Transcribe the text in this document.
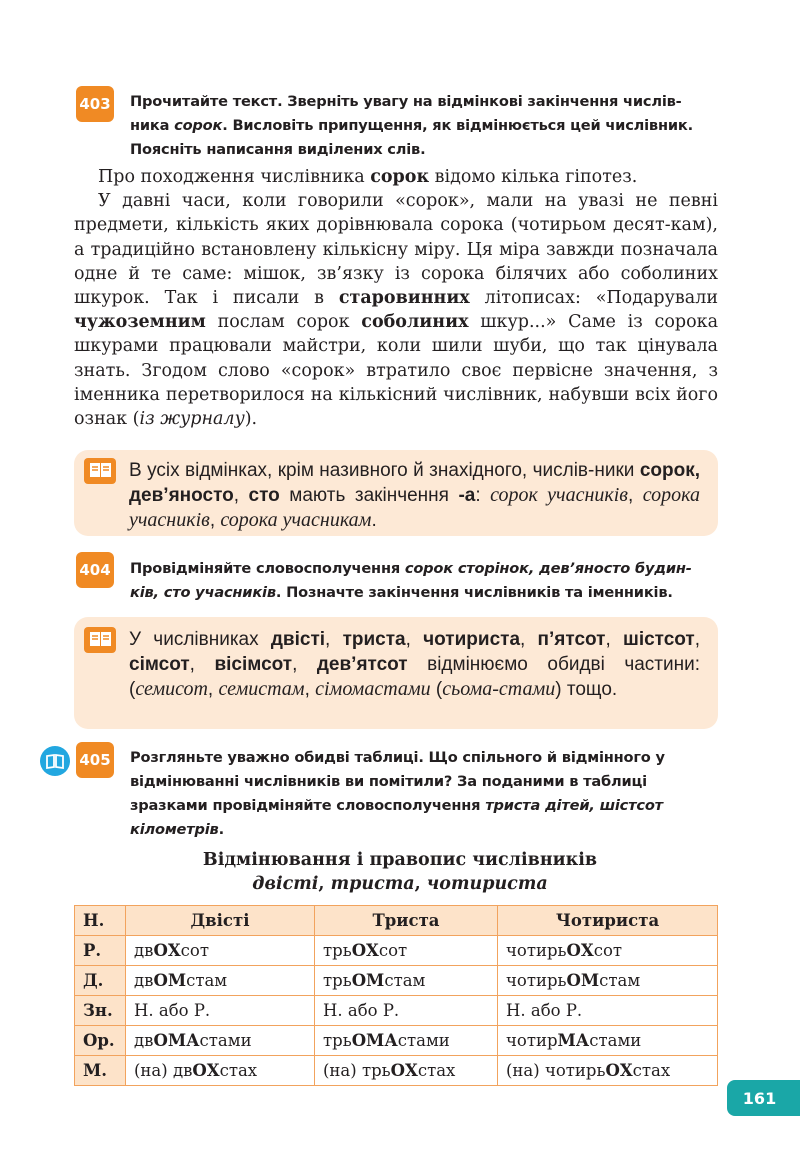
403 Прочитайте текст. Зверніть увагу на відмінкові закінчення числів-ника сорок. Висловіть припущення, як відмінюється цей числівник. Поясніть написання виділених слів.

Про походження числівника сорок відомо кілька гіпотез.

У давні часи, коли говорили «сорок», мали на увазі не певні предмети, кількість яких дорівнювала сорока (чотирьом десят-кам), а традиційно встановлену кількісну міру. Ця міра завжди позначала одне й те саме: мішок, зв’язку із сорока білячих або соболиних шкурок. Так і писали в старовинних літописах: «Подарували чужоземним послам сорок соболиних шкур...» Саме із сорока шкурами працювали майстри, коли шили шуби, що так цінувала знать. Згодом слово «сорок» втратило своє первісне значення, з іменника перетворилося на кількісний числівник, набувши всіх його ознак (із журналу).

В усіх відмінках, крім називного й знахідного, числів-ники сорок, дев’яносто, сто мають закінчення -а: сорок учасників, сорока учасників, сорока учасникам.
404 Провідміняйте словосполучення сорок сторінок, дев’яносто будин-ків, сто учасників. Позначте закінчення числівників та іменників.
У числівниках двісті, триста, чотириста, п’ятсот, шістсот, сімсот, вісімсот, дев’ятсот відмінюємо обидві частини: (семисот, семистам, сімомастами (сьома-стами) тощо.
405 Розгляньте уважно обидві таблиці. Що спільного й відмінного у відмінюванні числівників ви помітили? За поданими в таблиці зразками провідміняйте словосполучення триста дітей, шістсот кілометрів.
Відмінювання і правопис числівників
двісті, триста, чотириста
Н.	Двісті	Триста	Чотириста
Р.	двОХсот	трьОХсот	чотирьОХсот
Д.	двОМстам	трьОМстам	чотирьОМстам
Зн.	Н. або Р.	Н. або Р.	Н. або Р.
Ор.	двОМАстами	трьОМАстами	чотирМАстами
М.	(на) двОХстах	(на) трьОХстах	(на) чотирьОХстах
161
